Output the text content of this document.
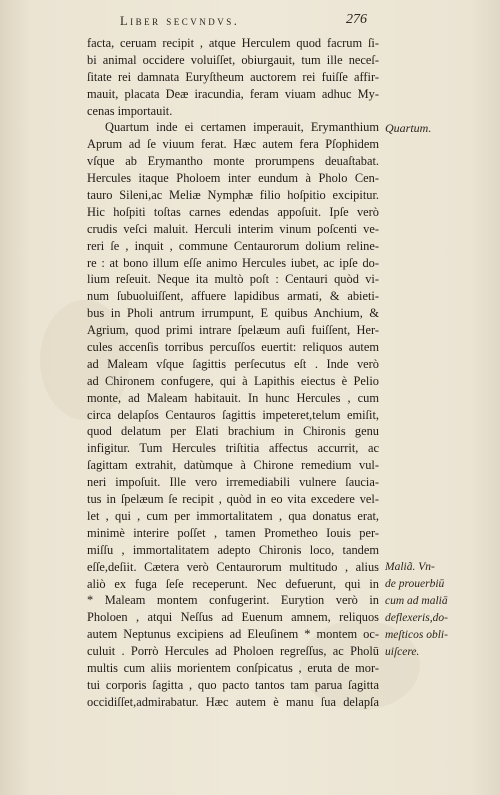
Liber secvndvs.	276
facta, ceruam recipit , atque Herculem quod facrum ſi-
bi animal occidere voluiſſet, obiurgauit, tum ille neceſ-
ſitate rei damnata Euryſtheum auctorem rei fuiſſe affir-
mauit, placata Deæ iracundia, feram viuam adhuc My-
cenas importauit.
Quartum inde ei certamen imperauit, Erymanthium
Aprum ad ſe viuum ferat. Hæc autem fera Pſophidem
vſque ab Erymantho monte prorumpens deuaſtabat.
Hercules itaque Pholoem inter eundum à Pholo Cen-
tauro Sileni,ac Meliæ Nymphæ filio hoſpitio excipitur.
Hic hoſpiti toſtas carnes edendas appoſuit. Ipſe verò
crudis veſci maluit. Herculi interim vinum poſcenti ve-
reri ſe , inquit , commune Centaurorum dolium reline-
re : at bono illum eſſe animo Hercules iubet, ac ipſe do-
lium reſeuit. Neque ita multò poſt : Centauri quòd vi-
num ſubuoluiſſent, affuere lapidibus armati, & abieti-
bus in Pholi antrum irrumpunt, E quibus Anchium, &
Agrium, quod primi intrare ſpelæum auſi fuiſſent, Her-
cules accenſis torribus percuſſos euertit: reliquos autem
ad Maleam vſque ſagittis perſecutus eſt . Inde verò
ad Chironem confugere, qui à Lapithis eiectus è Pelio
monte, ad Maleam habitauit. In hunc Hercules , cum
circa delapſos Centauros ſagittis impeteret,telum emiſit,
quod delatum per Elati brachium in Chironis genu
infigitur. Tum Hercules triſtitia affectus accurrit, ac
ſagittam extrahit, datùmque à Chirone remedium vul-
neri impoſuit. Ille vero irremediabili vulnere ſaucia-
tus in ſpelæum ſe recipit , quòd in eo vita excedere vel-
let , qui , cum per immortalitatem , qua donatus erat,
minimè interire poſſet , tamen Prometheo Iouis per-
miſſu , immortalitatem adepto Chironis loco, tandem
eſſe,deſiit. Cætera verò Centaurorum multitudo , alius
aliò ex fuga ſeſe receperunt. Nec defuerunt, qui in
* Maleam montem confugerint. Eurytion verò in
Pholoen , atqui Neſſus ad Euenum amnem, reliquos
autem Neptunus excipiens ad Eleuſinem * montem oc-
culuit . Porrò Hercules ad Pholoen regreſſus, ac Pholū
multis cum aliis morientem conſpicatus , eruta de mor-
tui corporis ſagitta , quo pacto tantos tam parua ſagitta
occidiſſet,admirabatur. Hæc autem è manu ſua delapſa
Quartum.
Maliã. Vn-
de prouerbiū
cum ad maliā
deflexeris,do-
meſticos obli-
uiſcere.
